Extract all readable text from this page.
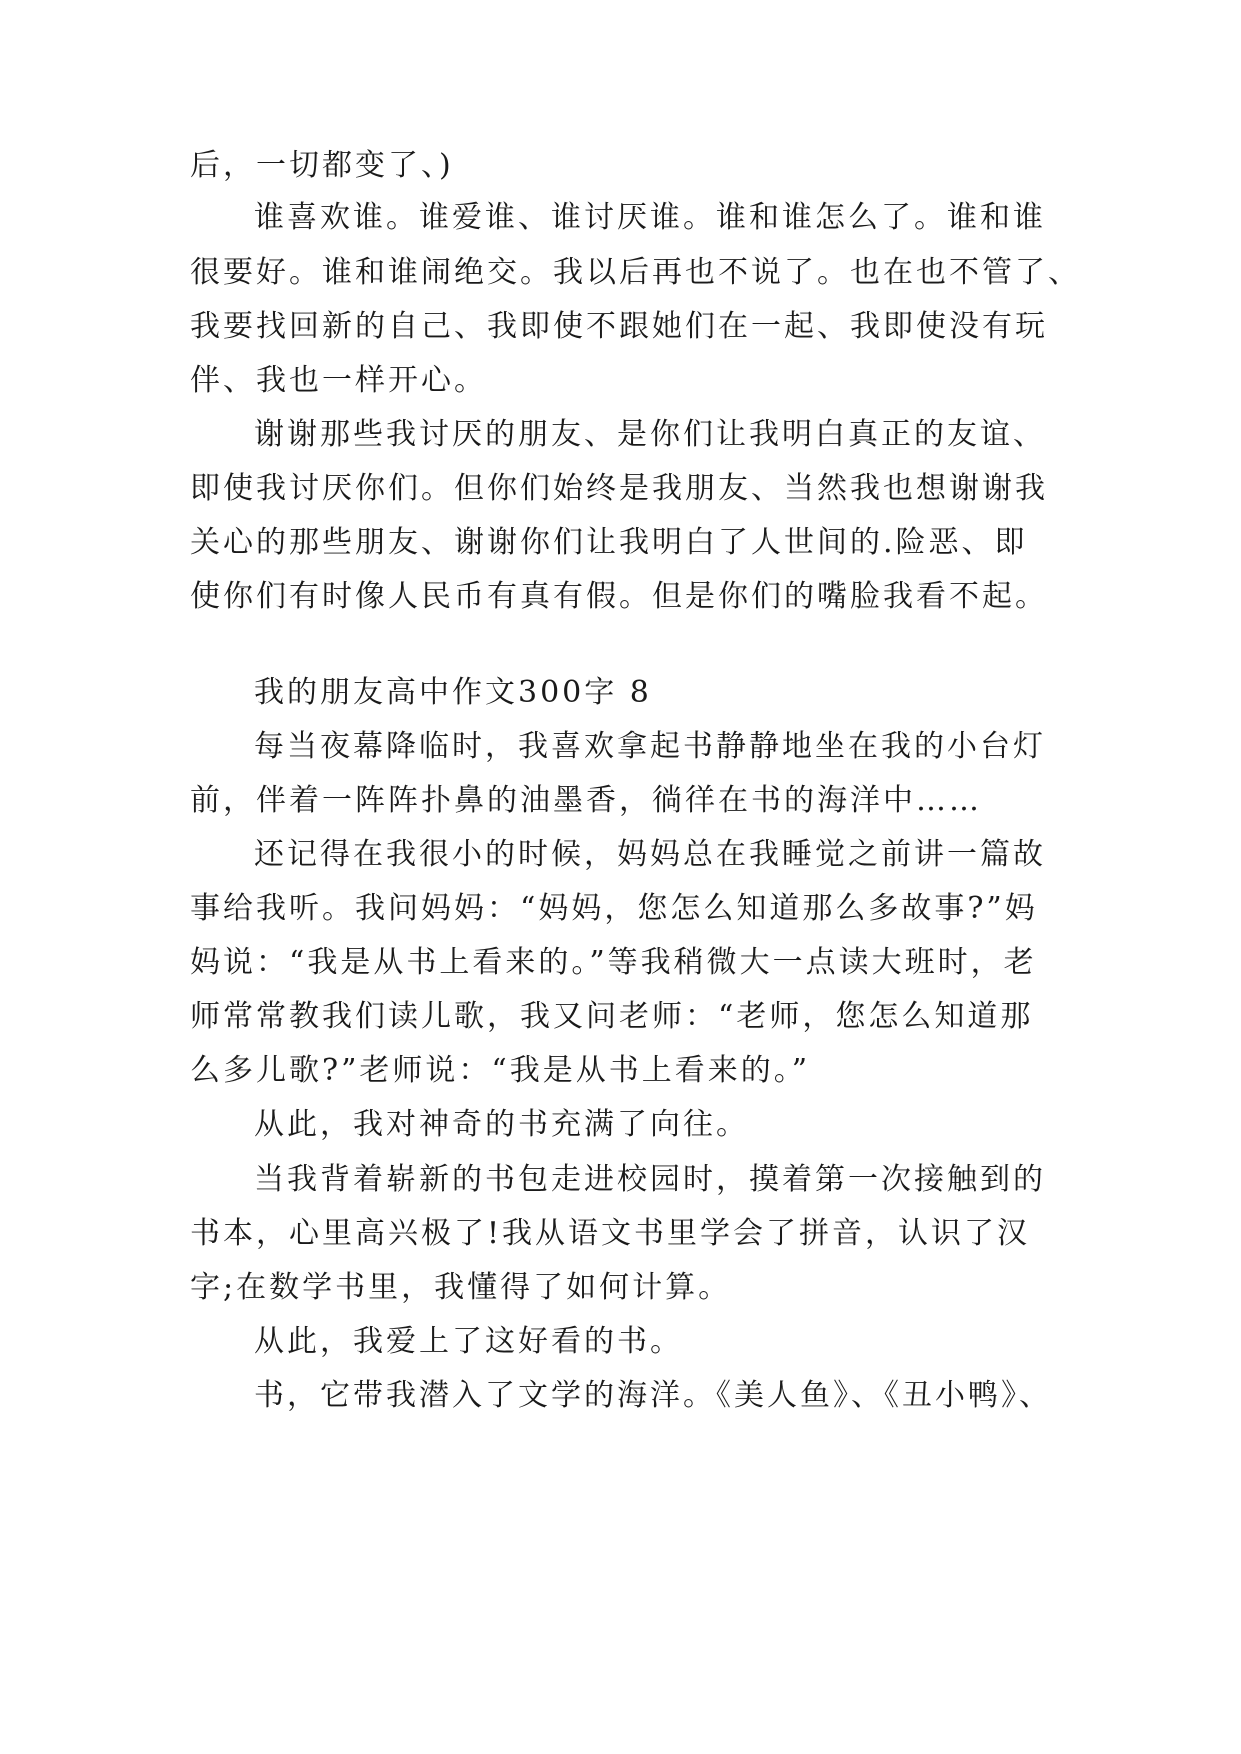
后，一切都变了、)
谁喜欢谁。谁爱谁、谁讨厌谁。谁和谁怎么了。谁和谁
很要好。谁和谁闹绝交。我以后再也不说了。也在也不管了、
我要找回新的自己、我即使不跟她们在一起、我即使没有玩
伴、我也一样开心。
谢谢那些我讨厌的朋友、是你们让我明白真正的友谊、
即使我讨厌你们。但你们始终是我朋友、当然我也想谢谢我
关心的那些朋友、谢谢你们让我明白了人世间的.险恶、即
使你们有时像人民币有真有假。但是你们的嘴脸我看不起。
我的朋友高中作文300字 8
每当夜幕降临时，我喜欢拿起书静静地坐在我的小台灯
前，伴着一阵阵扑鼻的油墨香，徜徉在书的海洋中……
还记得在我很小的时候，妈妈总在我睡觉之前讲一篇故
事给我听。我问妈妈：“妈妈，您怎么知道那么多故事?”妈
妈说：“我是从书上看来的。”等我稍微大一点读大班时，老
师常常教我们读儿歌，我又问老师：“老师，您怎么知道那
么多儿歌?”老师说：“我是从书上看来的。”
从此，我对神奇的书充满了向往。
当我背着崭新的书包走进校园时，摸着第一次接触到的
书本，心里高兴极了!我从语文书里学会了拼音，认识了汉
字;在数学书里，我懂得了如何计算。
从此，我爱上了这好看的书。
书，它带我潜入了文学的海洋。《美人鱼》、《丑小鸭》、
